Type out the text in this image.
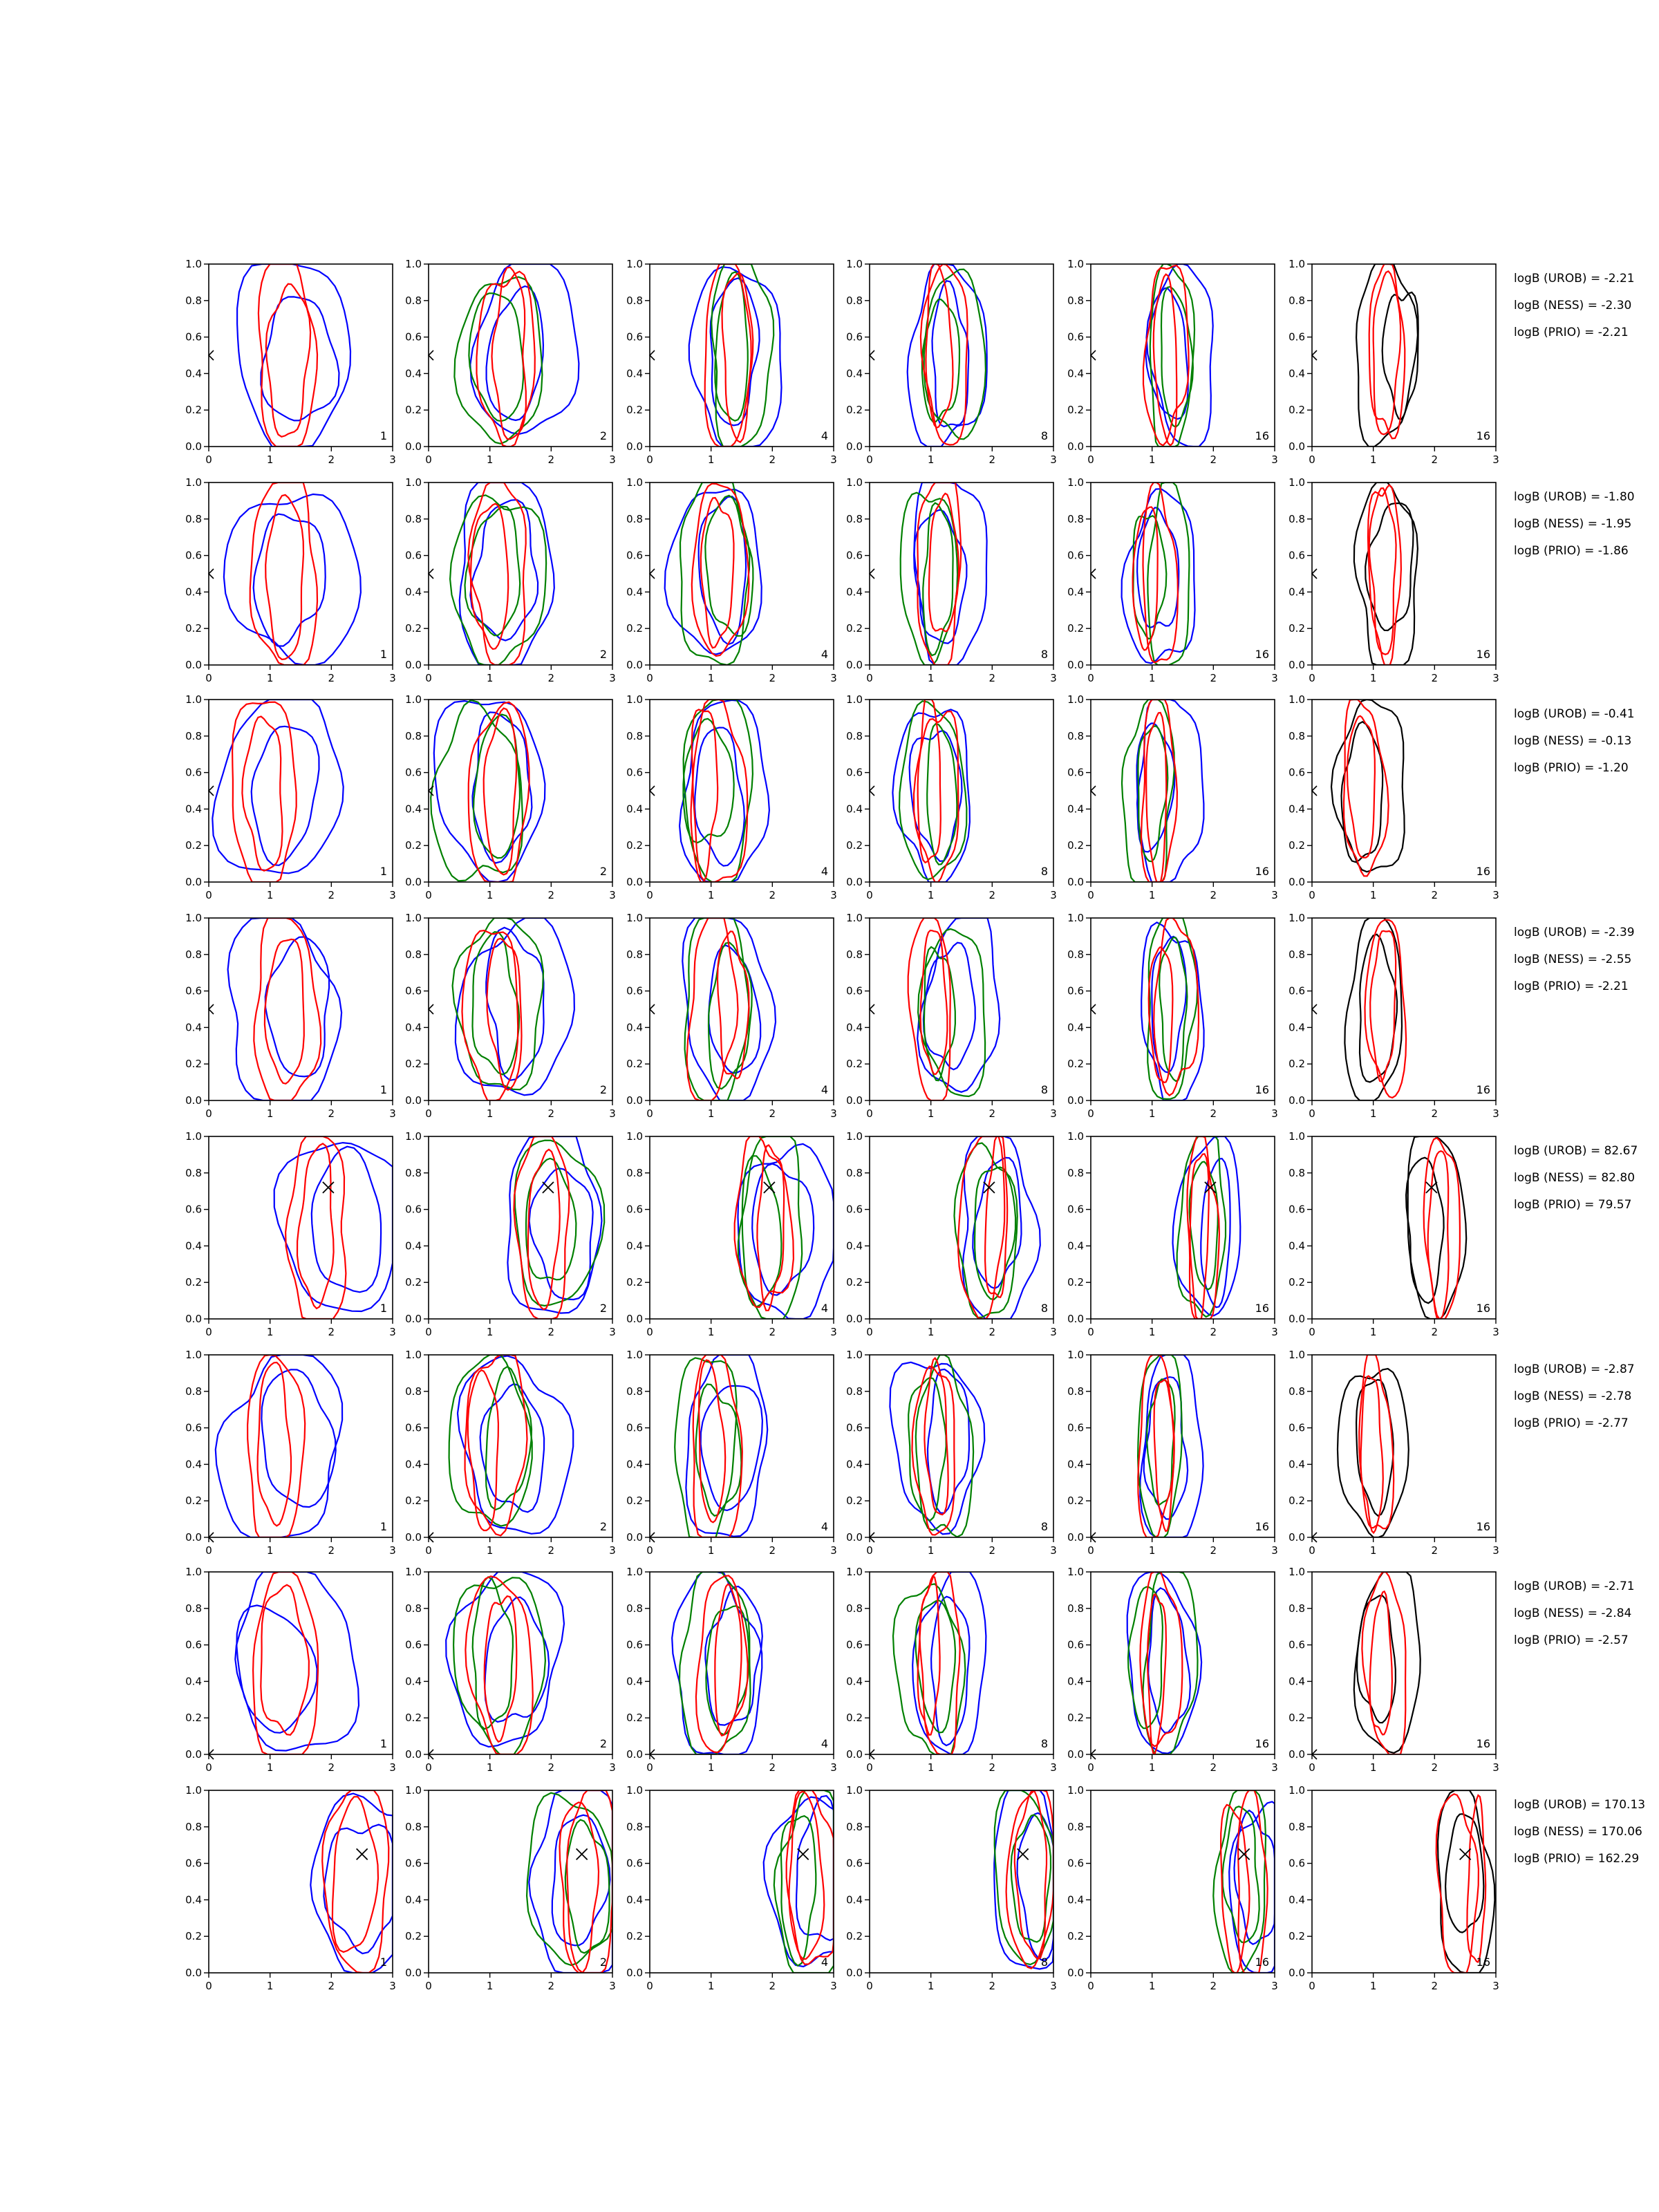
0	1	2	3
0.0
0.2
0.4
0.6
0.8
1.0
1
0	1	2	3
0.0
0.2
0.4
0.6
0.8
1.0
2
0	1	2	3
0.0
0.2
0.4
0.6
0.8
1.0
4
0	1	2	3
0.0
0.2
0.4
0.6
0.8
1.0
8
0	1	2	3
0.0
0.2
0.4
0.6
0.8
1.0
16
0	1	2	3
0.0
0.2
0.4
0.6
0.8
1.0
16
logB (UROB) = -2.21
logB (NESS) = -2.30
logB (PRIO) = -2.21
0	1	2	3
0.0
0.2
0.4
0.6
0.8
1.0
1
0	1	2	3
0.0
0.2
0.4
0.6
0.8
1.0
2
0	1	2	3
0.0
0.2
0.4
0.6
0.8
1.0
4
0	1	2	3
0.0
0.2
0.4
0.6
0.8
1.0
8
0	1	2	3
0.0
0.2
0.4
0.6
0.8
1.0
16
0	1	2	3
0.0
0.2
0.4
0.6
0.8
1.0
16
logB (UROB) = -1.80
logB (NESS) = -1.95
logB (PRIO) = -1.86
0	1	2	3
0.0
0.2
0.4
0.6
0.8
1.0
1
0	1	2	3
0.0
0.2
0.4
0.6
0.8
1.0
2
0	1	2	3
0.0
0.2
0.4
0.6
0.8
1.0
4
0	1	2	3
0.0
0.2
0.4
0.6
0.8
1.0
8
0	1	2	3
0.0
0.2
0.4
0.6
0.8
1.0
16
0	1	2	3
0.0
0.2
0.4
0.6
0.8
1.0
16
logB (UROB) = -0.41
logB (NESS) = -0.13
logB (PRIO) = -1.20
0	1	2	3
0.0
0.2
0.4
0.6
0.8
1.0
1
0	1	2	3
0.0
0.2
0.4
0.6
0.8
1.0
2
0	1	2	3
0.0
0.2
0.4
0.6
0.8
1.0
4
0	1	2	3
0.0
0.2
0.4
0.6
0.8
1.0
8
0	1	2	3
0.0
0.2
0.4
0.6
0.8
1.0
16
0	1	2	3
0.0
0.2
0.4
0.6
0.8
1.0
16
logB (UROB) = -2.39
logB (NESS) = -2.55
logB (PRIO) = -2.21
0	1	2	3
0.0
0.2
0.4
0.6
0.8
1.0
1
0	1	2	3
0.0
0.2
0.4
0.6
0.8
1.0
2
0	1	2	3
0.0
0.2
0.4
0.6
0.8
1.0
4
0	1	2	3
0.0
0.2
0.4
0.6
0.8
1.0
8
0	1	2	3
0.0
0.2
0.4
0.6
0.8
1.0
16
0	1	2	3
0.0
0.2
0.4
0.6
0.8
1.0
16
logB (UROB) = 82.67
logB (NESS) = 82.80
logB (PRIO) = 79.57
0	1	2	3
0.0
0.2
0.4
0.6
0.8
1.0
1
0	1	2	3
0.0
0.2
0.4
0.6
0.8
1.0
2
0	1	2	3
0.0
0.2
0.4
0.6
0.8
1.0
4
0	1	2	3
0.0
0.2
0.4
0.6
0.8
1.0
8
0	1	2	3
0.0
0.2
0.4
0.6
0.8
1.0
16
0	1	2	3
0.0
0.2
0.4
0.6
0.8
1.0
16
logB (UROB) = -2.87
logB (NESS) = -2.78
logB (PRIO) = -2.77
0	1	2	3
0.0
0.2
0.4
0.6
0.8
1.0
1
0	1	2	3
0.0
0.2
0.4
0.6
0.8
1.0
2
0	1	2	3
0.0
0.2
0.4
0.6
0.8
1.0
4
0	1	2	3
0.0
0.2
0.4
0.6
0.8
1.0
8
0	1	2	3
0.0
0.2
0.4
0.6
0.8
1.0
16
0	1	2	3
0.0
0.2
0.4
0.6
0.8
1.0
16
logB (UROB) = -2.71
logB (NESS) = -2.84
logB (PRIO) = -2.57
0	1	2	3
0.0
0.2
0.4
0.6
0.8
1.0
1
0	1	2	3
0.0
0.2
0.4
0.6
0.8
1.0
2
0	1	2	3
0.0
0.2
0.4
0.6
0.8
1.0
4
0	1	2	3
0.0
0.2
0.4
0.6
0.8
1.0
8
0	1	2	3
0.0
0.2
0.4
0.6
0.8
1.0
16
0	1	2	3
0.0
0.2
0.4
0.6
0.8
1.0
16
logB (UROB) = 170.13
logB (NESS) = 170.06
logB (PRIO) = 162.29
